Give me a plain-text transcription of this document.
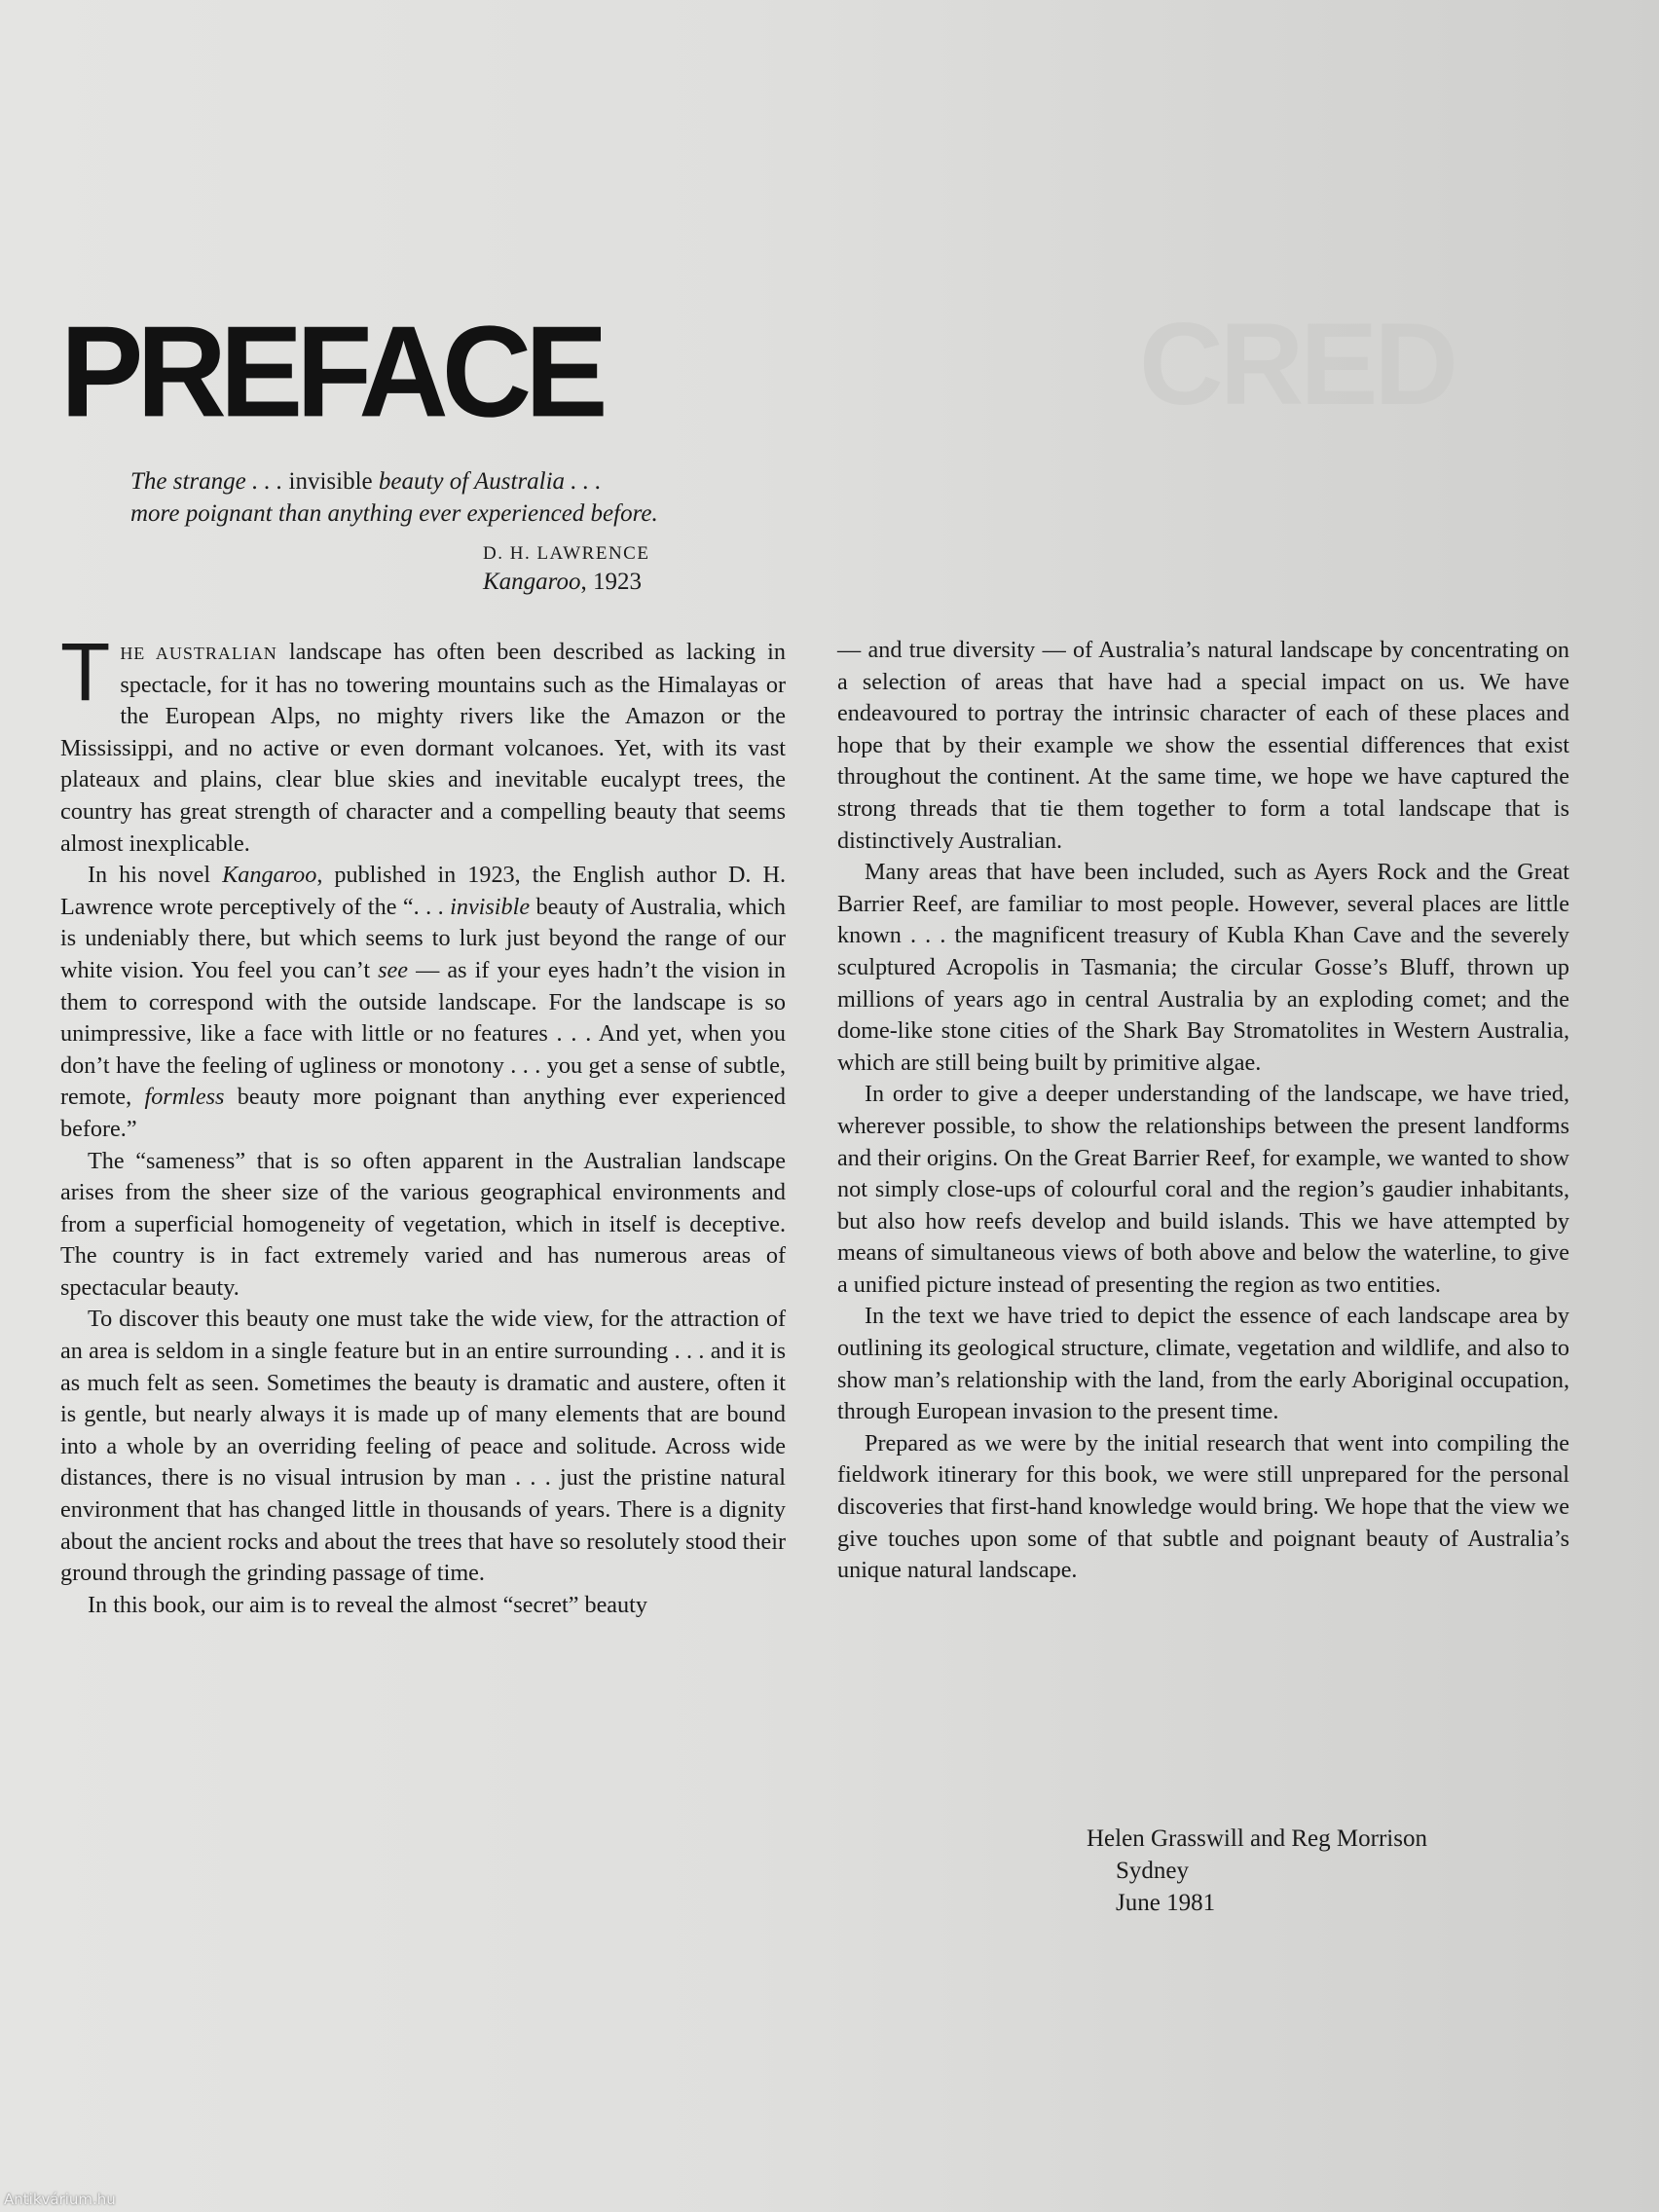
CRED
PREFACE
The strange . . . invisible beauty of Australia . . .
more poignant than anything ever experienced before.
D. H. LAWRENCE
Kangaroo, 1923

THE AUSTRALIAN landscape has often been described as lacking in spectacle, for it has no towering mountains such as the Himalayas or the European Alps, no mighty rivers like the Amazon or the Mississippi, and no active or even dormant volcanoes. Yet, with its vast plateaux and plains, clear blue skies and inevitable eucalypt trees, the country has great strength of character and a compelling beauty that seems almost inexplicable.

In his novel Kangaroo, published in 1923, the English author D. H. Lawrence wrote perceptively of the “. . . invisible beauty of Australia, which is undeniably there, but which seems to lurk just beyond the range of our white vision. You feel you can’t see — as if your eyes hadn’t the vision in them to correspond with the outside landscape. For the landscape is so unimpressive, like a face with little or no features . . . And yet, when you don’t have the feeling of ugliness or monotony . . . you get a sense of subtle, remote, formless beauty more poignant than anything ever experienced before.”

The “sameness” that is so often apparent in the Australian landscape arises from the sheer size of the various geographical environments and from a superficial homogeneity of vegetation, which in itself is deceptive. The country is in fact extremely varied and has numerous areas of spectacular beauty.

To discover this beauty one must take the wide view, for the attraction of an area is seldom in a single feature but in an entire surrounding . . . and it is as much felt as seen. Sometimes the beauty is dramatic and austere, often it is gentle, but nearly always it is made up of many elements that are bound into a whole by an overriding feeling of peace and solitude. Across wide distances, there is no visual intrusion by man . . . just the pristine natural environment that has changed little in thousands of years. There is a dignity about the ancient rocks and about the trees that have so resolutely stood their ground through the grinding passage of time.

In this book, our aim is to reveal the almost “secret” beauty

— and true diversity — of Australia’s natural landscape by concentrating on a selection of areas that have had a special impact on us. We have endeavoured to portray the intrinsic character of each of these places and hope that by their example we show the essential differences that exist throughout the continent. At the same time, we hope we have captured the strong threads that tie them together to form a total landscape that is distinctively Australian.

Many areas that have been included, such as Ayers Rock and the Great Barrier Reef, are familiar to most people. However, several places are little known . . . the magnificent treasury of Kubla Khan Cave and the severely sculptured Acropolis in Tasmania; the circular Gosse’s Bluff, thrown up millions of years ago in central Australia by an exploding comet; and the dome-like stone cities of the Shark Bay Stromatolites in Western Australia, which are still being built by primitive algae.

In order to give a deeper understanding of the landscape, we have tried, wherever possible, to show the relationships between the present landforms and their origins. On the Great Barrier Reef, for example, we wanted to show not simply close-ups of colourful coral and the region’s gaudier inhabitants, but also how reefs develop and build islands. This we have attempted by means of simultaneous views of both above and below the waterline, to give a unified picture instead of presenting the region as two entities.

In the text we have tried to depict the essence of each landscape area by outlining its geological structure, climate, vegetation and wildlife, and also to show man’s relationship with the land, from the early Aboriginal occupation, through European invasion to the present time.

Prepared as we were by the initial research that went into compiling the fieldwork itinerary for this book, we were still unprepared for the personal discoveries that first-hand knowledge would bring. We hope that the view we give touches upon some of that subtle and poignant beauty of Australia’s unique natural landscape.

Helen Grasswill and Reg Morrison
Sydney
June 1981
Antikvárium.hu
